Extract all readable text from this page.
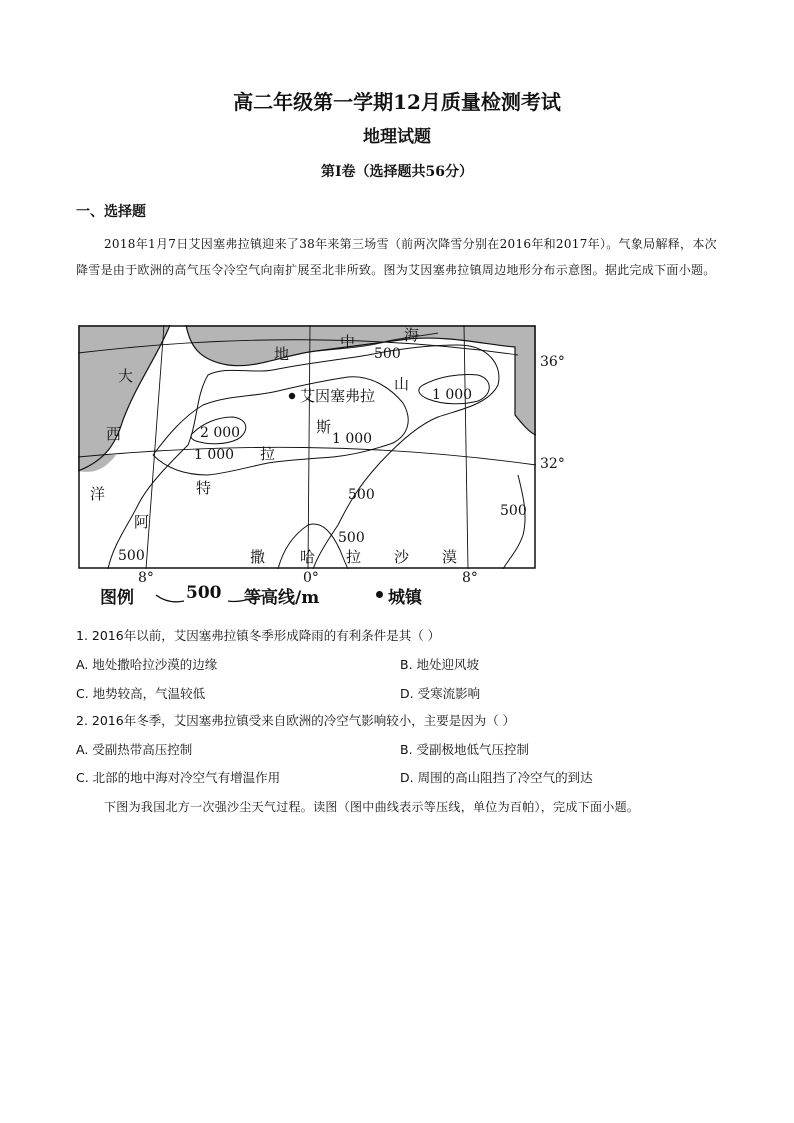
高二年级第一学期12月质量检测考试
地理试题
第Ⅰ卷（选择题共56分）
一、选择题
2018年1月7日艾因塞弗拉镇迎来了38年来第三场雪（前两次降雪分别在2016年和2017年）。气象局解释，本次降雪是由于欧洲的高气压令冷空气向南扩展至北非所致。图为艾因塞弗拉镇周边地形分布示意图。据此完成下面小题。
地
中	海
大
西
洋
阿
特
拉
斯
山
撒 哈 拉 沙 漠
艾因塞弗拉
500
1 000
2 000
1 000
1 000
500
500
500
500
36°
32°
8°	0°	8°
图例	500 等高线/m	城镇
1. 2016年以前，艾因塞弗拉镇冬季形成降雨的有利条件是其（ ）
A. 地处撒哈拉沙漠的边缘	B. 地处迎风坡
C. 地势较高，气温较低	D. 受寒流影响
2. 2016年冬季，艾因塞弗拉镇受来自欧洲的冷空气影响较小，主要是因为（ ）
A. 受副热带高压控制	B. 受副极地低气压控制
C. 北部的地中海对冷空气有增温作用	D. 周围的高山阻挡了冷空气的到达
下图为我国北方一次强沙尘天气过程。读图（图中曲线表示等压线，单位为百帕），完成下面小题。
